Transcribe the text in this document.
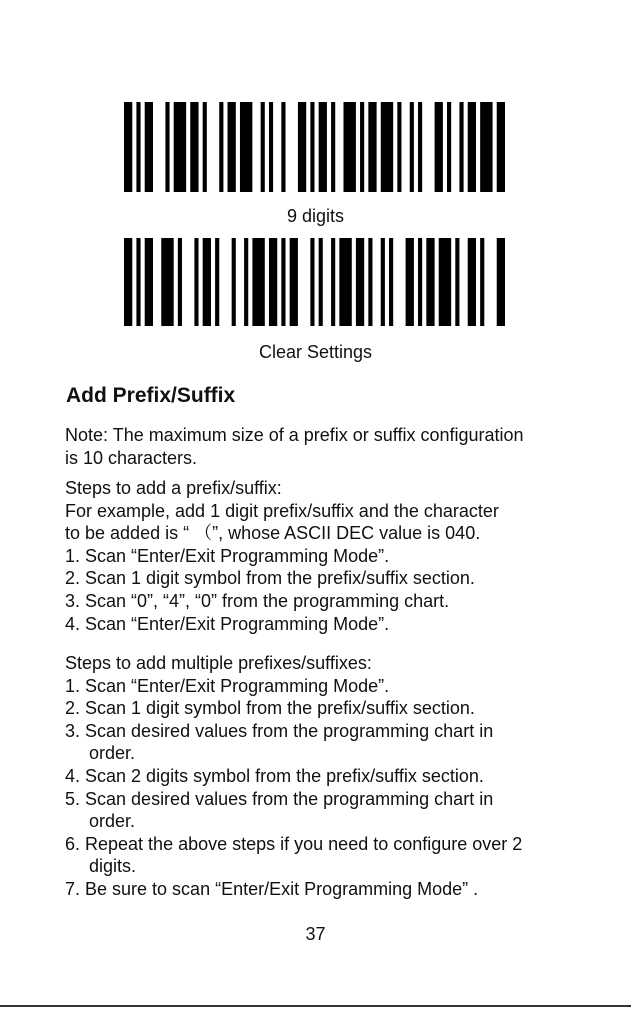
9 digits
Clear Settings
Add Prefix/Suffix
Note: The maximum size of a prefix or suffix configuration
is 10 characters.
Steps to add a prefix/suffix:
For example, add 1 digit prefix/suffix and the character
to be added is “ （”, whose ASCII DEC value is 040.
1. Scan “Enter/Exit Programming Mode”.
2. Scan 1 digit symbol from the prefix/suffix section.
3. Scan “0”, “4”, “0” from the programming chart.
4. Scan “Enter/Exit Programming Mode”.
Steps to add multiple prefixes/suffixes:
1. Scan “Enter/Exit Programming Mode”.
2. Scan 1 digit symbol from the prefix/suffix section.
3. Scan desired values from the programming chart in
order.
4. Scan 2 digits symbol from the prefix/suffix section.
5. Scan desired values from the programming chart in
order.
6. Repeat the above steps if you need to configure over 2
digits.
7. Be sure to scan “Enter/Exit Programming Mode” .
37
